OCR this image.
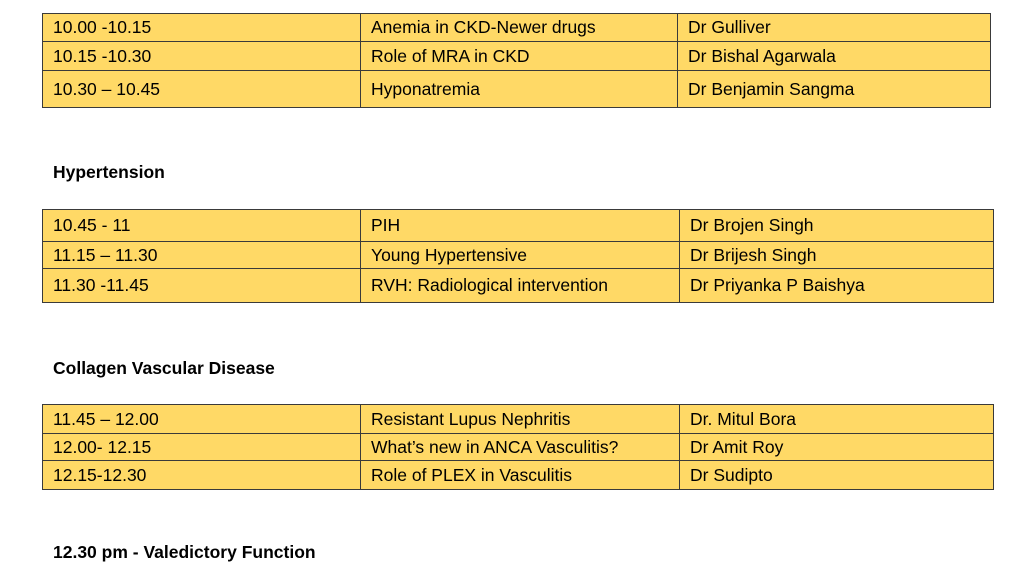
10.00 -10.15	Anemia in CKD-Newer drugs	Dr Gulliver
10.15 -10.30	Role of MRA in CKD	Dr Bishal Agarwala
10.30 – 10.45	Hyponatremia	Dr Benjamin Sangma
Hypertension
10.45 - 11	PIH	Dr Brojen Singh
11.15 – 11.30	Young Hypertensive	Dr Brijesh Singh
11.30 -11.45	RVH: Radiological intervention	Dr Priyanka P Baishya
Collagen Vascular Disease
11.45 – 12.00	Resistant Lupus Nephritis	Dr. Mitul Bora
12.00- 12.15	What’s new in ANCA Vasculitis?	Dr Amit Roy
12.15-12.30	Role of PLEX in Vasculitis	Dr Sudipto
12.30 pm - Valedictory Function
